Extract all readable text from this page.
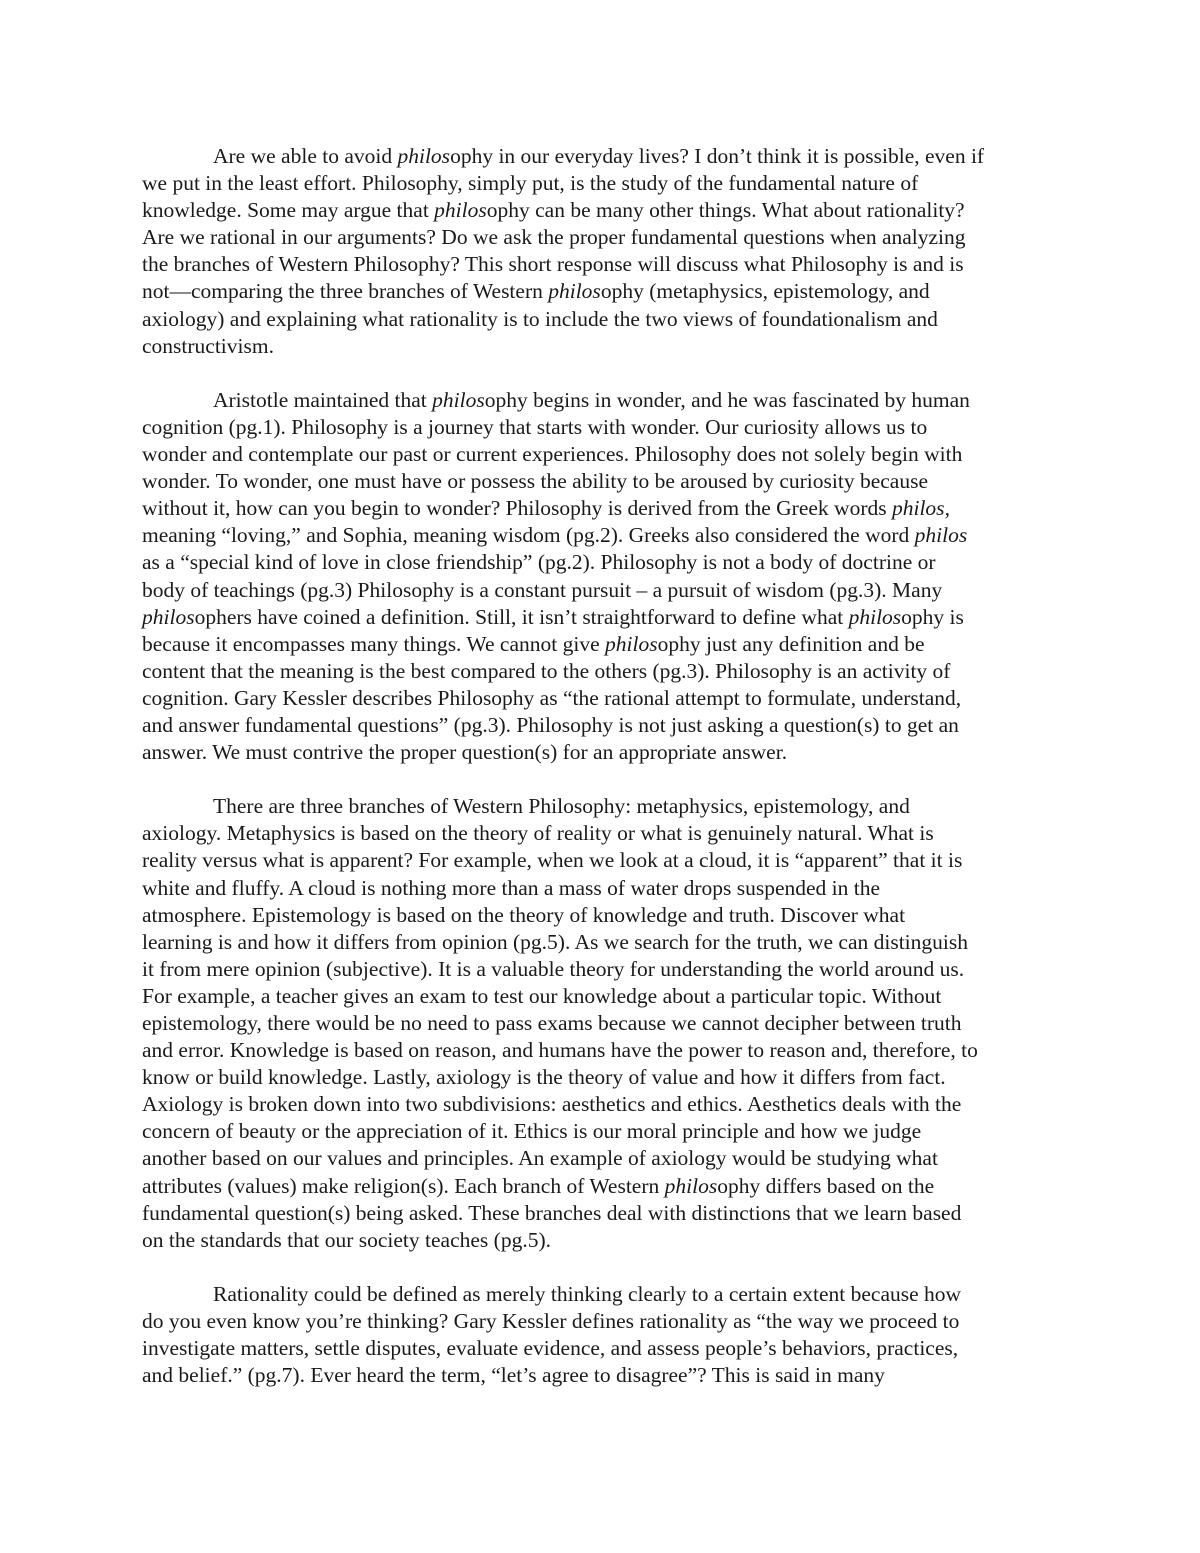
Are we able to avoid philosophy in our everyday lives? I don’t think it is possible, even if
we put in the least effort. Philosophy, simply put, is the study of the fundamental nature of
knowledge. Some may argue that philosophy can be many other things. What about rationality?
Are we rational in our arguments? Do we ask the proper fundamental questions when analyzing
the branches of Western Philosophy? This short response will discuss what Philosophy is and is
not—comparing the three branches of Western philosophy (metaphysics, epistemology, and
axiology) and explaining what rationality is to include the two views of foundationalism and
constructivism.
Aristotle maintained that philosophy begins in wonder, and he was fascinated by human
cognition (pg.1). Philosophy is a journey that starts with wonder. Our curiosity allows us to
wonder and contemplate our past or current experiences. Philosophy does not solely begin with
wonder. To wonder, one must have or possess the ability to be aroused by curiosity because
without it, how can you begin to wonder? Philosophy is derived from the Greek words philos,
meaning “loving,” and Sophia, meaning wisdom (pg.2). Greeks also considered the word philos
as a “special kind of love in close friendship” (pg.2). Philosophy is not a body of doctrine or
body of teachings (pg.3) Philosophy is a constant pursuit – a pursuit of wisdom (pg.3). Many
philosophers have coined a definition. Still, it isn’t straightforward to define what philosophy is
because it encompasses many things. We cannot give philosophy just any definition and be
content that the meaning is the best compared to the others (pg.3). Philosophy is an activity of
cognition. Gary Kessler describes Philosophy as “the rational attempt to formulate, understand,
and answer fundamental questions” (pg.3). Philosophy is not just asking a question(s) to get an
answer. We must contrive the proper question(s) for an appropriate answer.
There are three branches of Western Philosophy: metaphysics, epistemology, and
axiology. Metaphysics is based on the theory of reality or what is genuinely natural. What is
reality versus what is apparent? For example, when we look at a cloud, it is “apparent” that it is
white and fluffy. A cloud is nothing more than a mass of water drops suspended in the
atmosphere. Epistemology is based on the theory of knowledge and truth. Discover what
learning is and how it differs from opinion (pg.5). As we search for the truth, we can distinguish
it from mere opinion (subjective). It is a valuable theory for understanding the world around us.
For example, a teacher gives an exam to test our knowledge about a particular topic. Without
epistemology, there would be no need to pass exams because we cannot decipher between truth
and error. Knowledge is based on reason, and humans have the power to reason and, therefore, to
know or build knowledge. Lastly, axiology is the theory of value and how it differs from fact.
Axiology is broken down into two subdivisions: aesthetics and ethics. Aesthetics deals with the
concern of beauty or the appreciation of it. Ethics is our moral principle and how we judge
another based on our values and principles. An example of axiology would be studying what
attributes (values) make religion(s). Each branch of Western philosophy differs based on the
fundamental question(s) being asked. These branches deal with distinctions that we learn based
on the standards that our society teaches (pg.5).
Rationality could be defined as merely thinking clearly to a certain extent because how
do you even know you’re thinking? Gary Kessler defines rationality as “the way we proceed to
investigate matters, settle disputes, evaluate evidence, and assess people’s behaviors, practices,
and belief.” (pg.7). Ever heard the term, “let’s agree to disagree”? This is said in many
